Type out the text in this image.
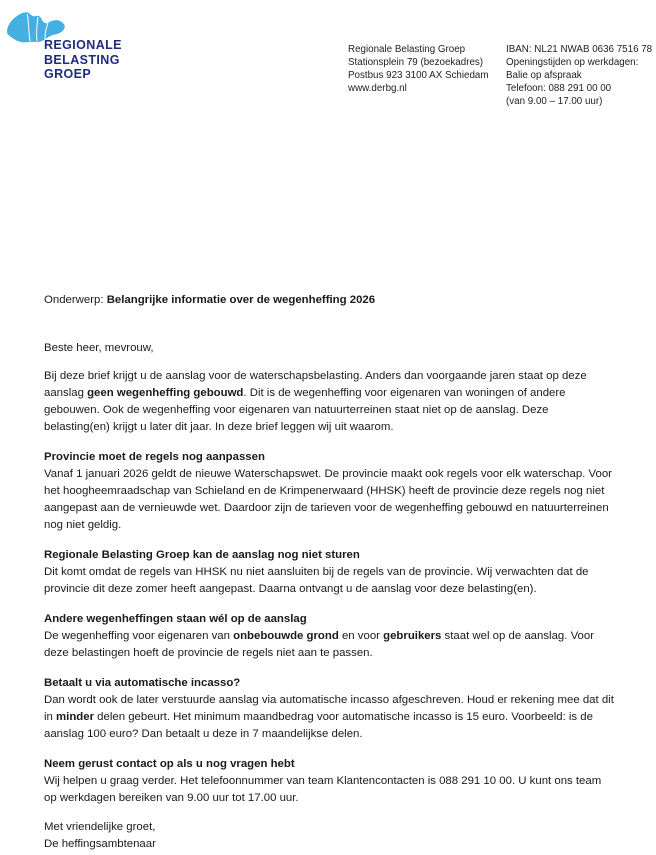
REGIONALE
BELASTING
GROEP
Regionale Belasting Groep
Stationsplein 79 (bezoekadres)
Postbus 923 3100 AX Schiedam
www.derbg.nl
IBAN: NL21 NWAB 0636 7516 78
Openingstijden op werkdagen:
Balie op afspraak
Telefoon: 088 291 00 00
(van 9.00 – 17.00 uur)

Onderwerp: Belangrijke informatie over de wegenheffing 2026

Beste heer, mevrouw,

Bij deze brief krijgt u de aanslag voor de waterschapsbelasting. Anders dan voorgaande jaren staat op deze aanslag geen wegenheffing gebouwd. Dit is de wegenheffing voor eigenaren van woningen of andere gebouwen. Ook de wegenheffing voor eigenaren van natuurterreinen staat niet op de aanslag. Deze belasting(en) krijgt u later dit jaar. In deze brief leggen wij uit waarom.

Provincie moet de regels nog aanpassen

Vanaf 1 januari 2026 geldt de nieuwe Waterschapswet. De provincie maakt ook regels voor elk waterschap. Voor het hoogheemraadschap van Schieland en de Krimpenerwaard (HHSK) heeft de provincie deze regels nog niet aangepast aan de vernieuwde wet. Daardoor zijn de tarieven voor de wegenheffing gebouwd en natuurterreinen nog niet geldig.

Regionale Belasting Groep kan de aanslag nog niet sturen

Dit komt omdat de regels van HHSK nu niet aansluiten bij de regels van de provincie. Wij verwachten dat de provincie dit deze zomer heeft aangepast. Daarna ontvangt u de aanslag voor deze belasting(en).

Andere wegenheffingen staan wél op de aanslag

De wegenheffing voor eigenaren van onbebouwde grond en voor gebruikers staat wel op de aanslag. Voor deze belastingen hoeft de provincie de regels niet aan te passen.

Betaalt u via automatische incasso?

Dan wordt ook de later verstuurde aanslag via automatische incasso afgeschreven. Houd er rekening mee dat dit in minder delen gebeurt. Het minimum maandbedrag voor automatische incasso is 15 euro. Voorbeeld: is de aanslag 100 euro? Dan betaalt u deze in 7 maandelijkse delen.

Neem gerust contact op als u nog vragen hebt

Wij helpen u graag verder. Het telefoonnummer van team Klantencontacten is 088 291 10 00. U kunt ons team op werkdagen bereiken van 9.00 uur tot 17.00 uur.

Met vriendelijke groet,
De heffingsambtenaar
